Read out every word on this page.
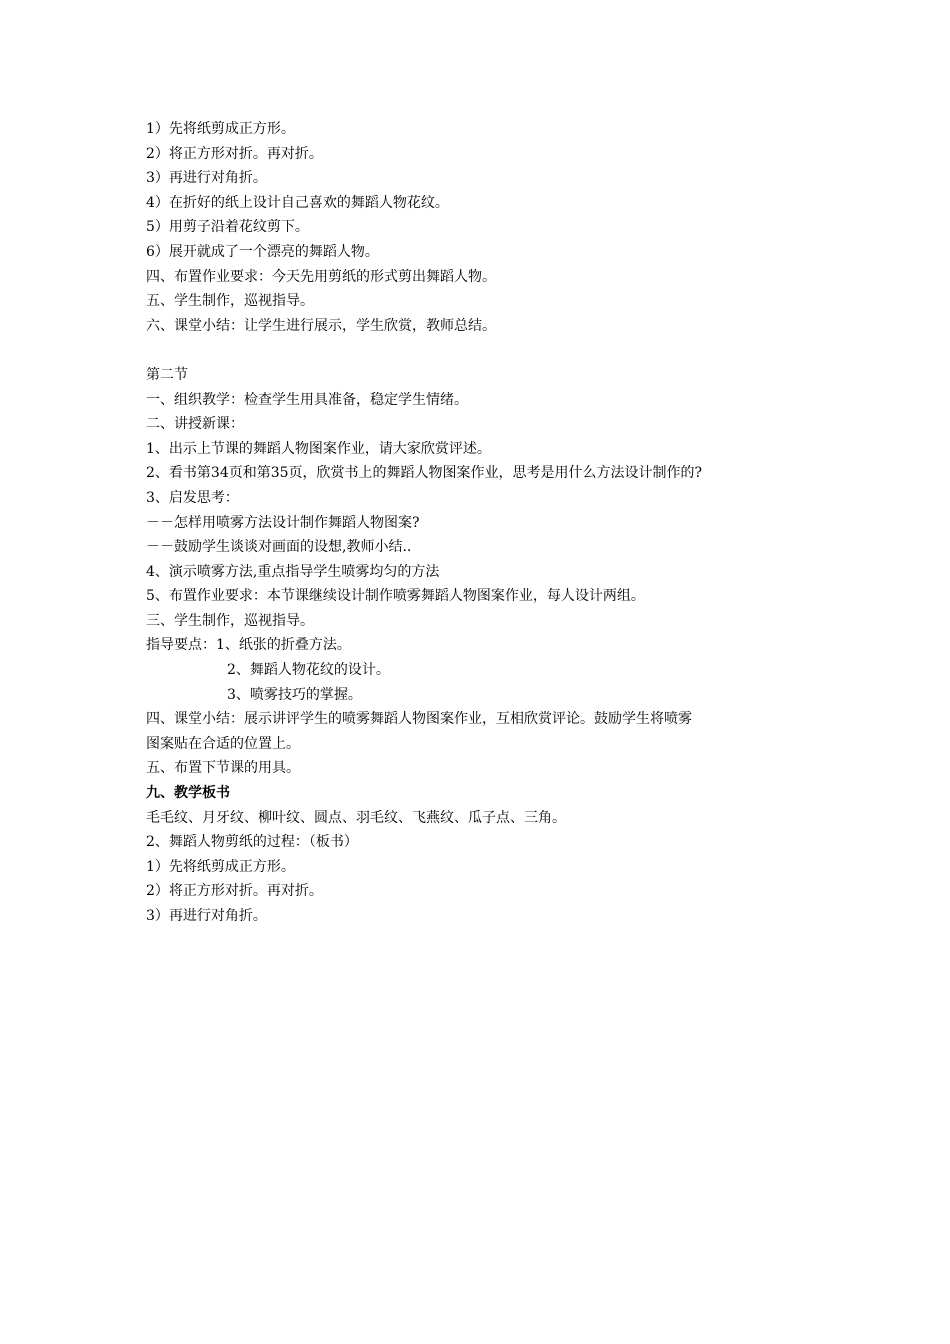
1）先将纸剪成正方形。
2）将正方形对折。再对折。
3）再进行对角折。
4）在折好的纸上设计自己喜欢的舞蹈人物花纹。
5）用剪子沿着花纹剪下。
6）展开就成了一个漂亮的舞蹈人物。
四、布置作业要求：今天先用剪纸的形式剪出舞蹈人物。
五、学生制作，巡视指导。
六、课堂小结：让学生进行展示，学生欣赏，教师总结。
第二节
一、组织教学：检查学生用具准备，稳定学生情绪。
二、讲授新课：
1、出示上节课的舞蹈人物图案作业，请大家欣赏评述。
2、看书第34页和第35页，欣赏书上的舞蹈人物图案作业，思考是用什么方法设计制作的?
3、启发思考：
－－怎样用喷雾方法设计制作舞蹈人物图案?
－－鼓励学生谈谈对画面的设想,教师小结..
4、演示喷雾方法,重点指导学生喷雾均匀的方法
5、布置作业要求：本节课继续设计制作喷雾舞蹈人物图案作业，每人设计两组。
三、学生制作，巡视指导。
指导要点：1、纸张的折叠方法。
2、舞蹈人物花纹的设计。
3、喷雾技巧的掌握。
四、课堂小结：展示讲评学生的喷雾舞蹈人物图案作业，互相欣赏评论。鼓励学生将喷雾
图案贴在合适的位置上。
五、布置下节课的用具。
九、教学板书
毛毛纹、月牙纹、柳叶纹、圆点、羽毛纹、飞燕纹、瓜子点、三角。
2、舞蹈人物剪纸的过程：（板书）
1）先将纸剪成正方形。
2）将正方形对折。再对折。
3）再进行对角折。
